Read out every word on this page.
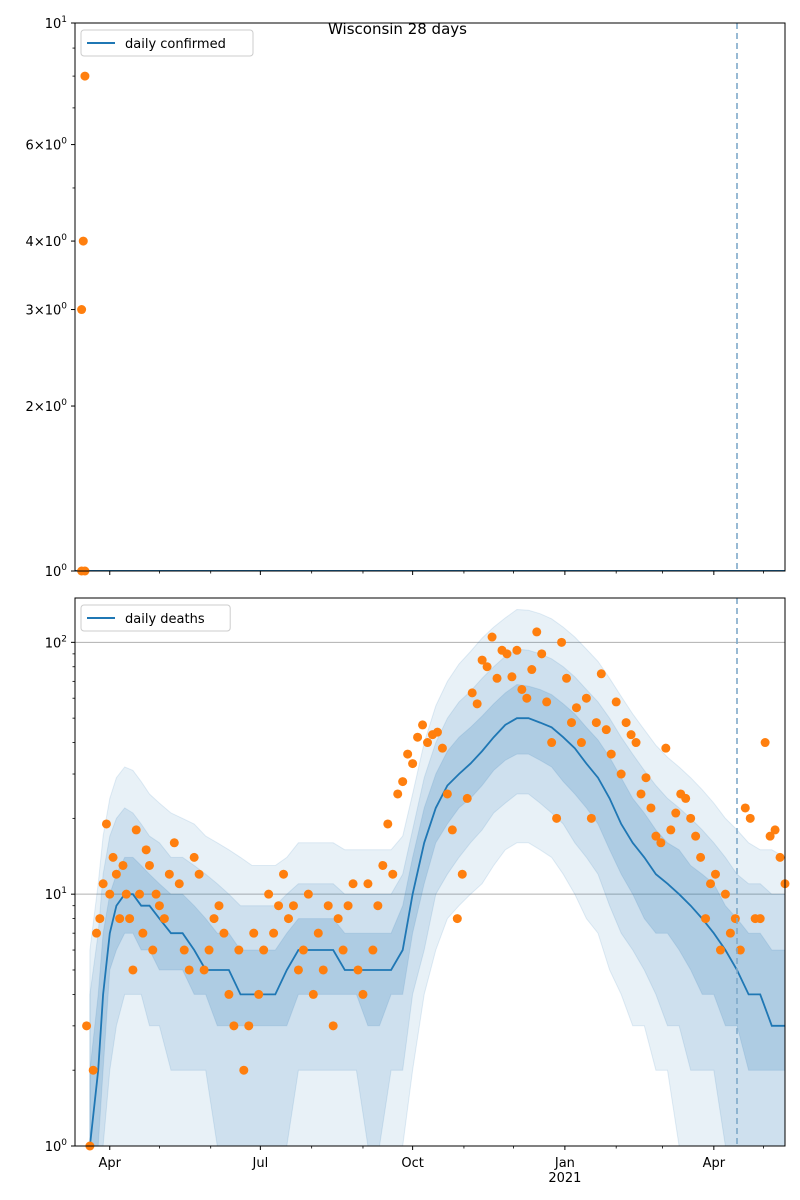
Wisconsin 28 days
$10^0$
$2\times 10^0$
$3\times 10^0$
$4\times 10^0$
$6\times 10^0$
$10^1$
daily confirmed
$10^0$
$10^1$
$10^2$
Apr	Jul	Oct	Jan
2021
Apr
daily deaths
